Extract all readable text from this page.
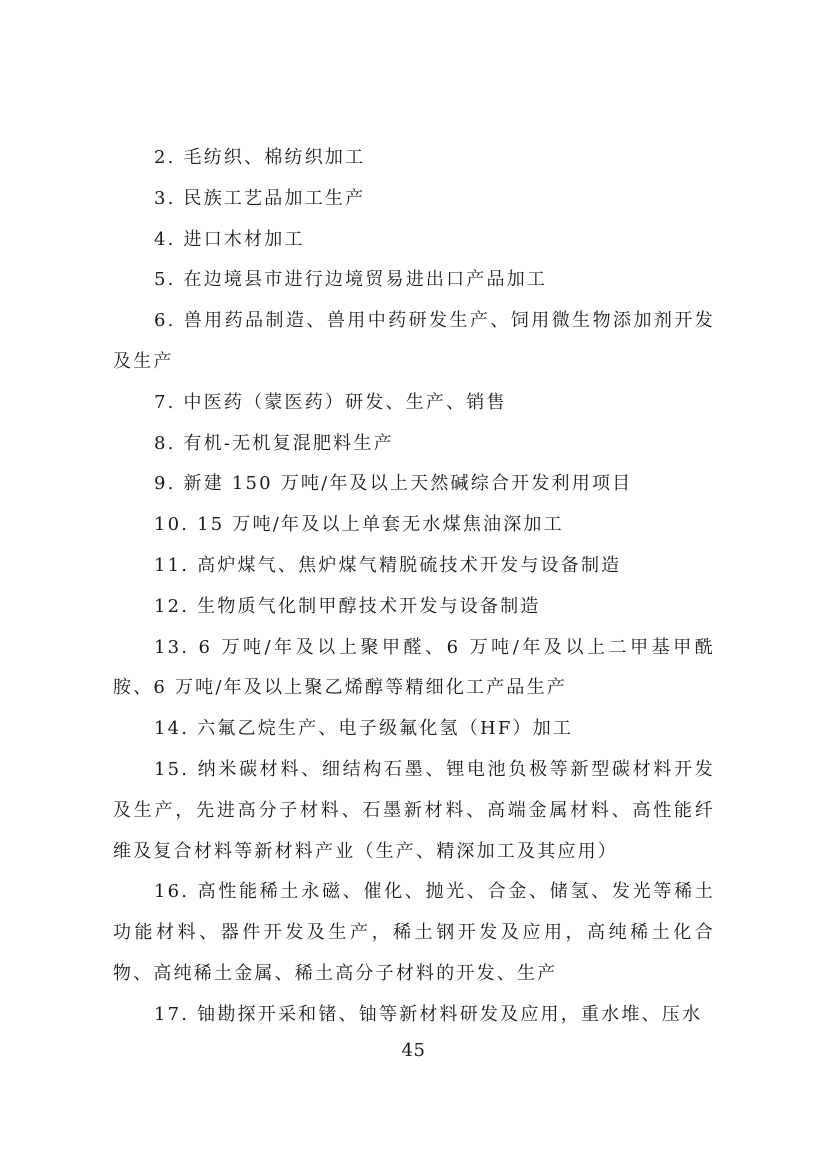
2. 毛纺织、棉纺织加工

3. 民族工艺品加工生产

4. 进口木材加工

5. 在边境县市进行边境贸易进出口产品加工

6. 兽用药品制造、兽用中药研发生产、饲用微生物添加剂开发及生产

7. 中医药（蒙医药）研发、生产、销售

8. 有机-无机复混肥料生产

9. 新建 150 万吨/年及以上天然碱综合开发利用项目

10. 15 万吨/年及以上单套无水煤焦油深加工

11. 高炉煤气、焦炉煤气精脱硫技术开发与设备制造

12. 生物质气化制甲醇技术开发与设备制造

13. 6 万吨/年及以上聚甲醛、6 万吨/年及以上二甲基甲酰胺、6 万吨/年及以上聚乙烯醇等精细化工产品生产

14. 六氟乙烷生产、电子级氟化氢（HF）加工

15. 纳米碳材料、细结构石墨、锂电池负极等新型碳材料开发及生产，先进高分子材料、石墨新材料、高端金属材料、高性能纤维及复合材料等新材料产业（生产、精深加工及其应用）

16. 高性能稀土永磁、催化、抛光、合金、储氢、发光等稀土功能材料、器件开发及生产，稀土钢开发及应用，高纯稀土化合物、高纯稀土金属、稀土高分子材料的开发、生产

17. 铀勘探开采和锗、铀等新材料研发及应用，重水堆、压水

45
